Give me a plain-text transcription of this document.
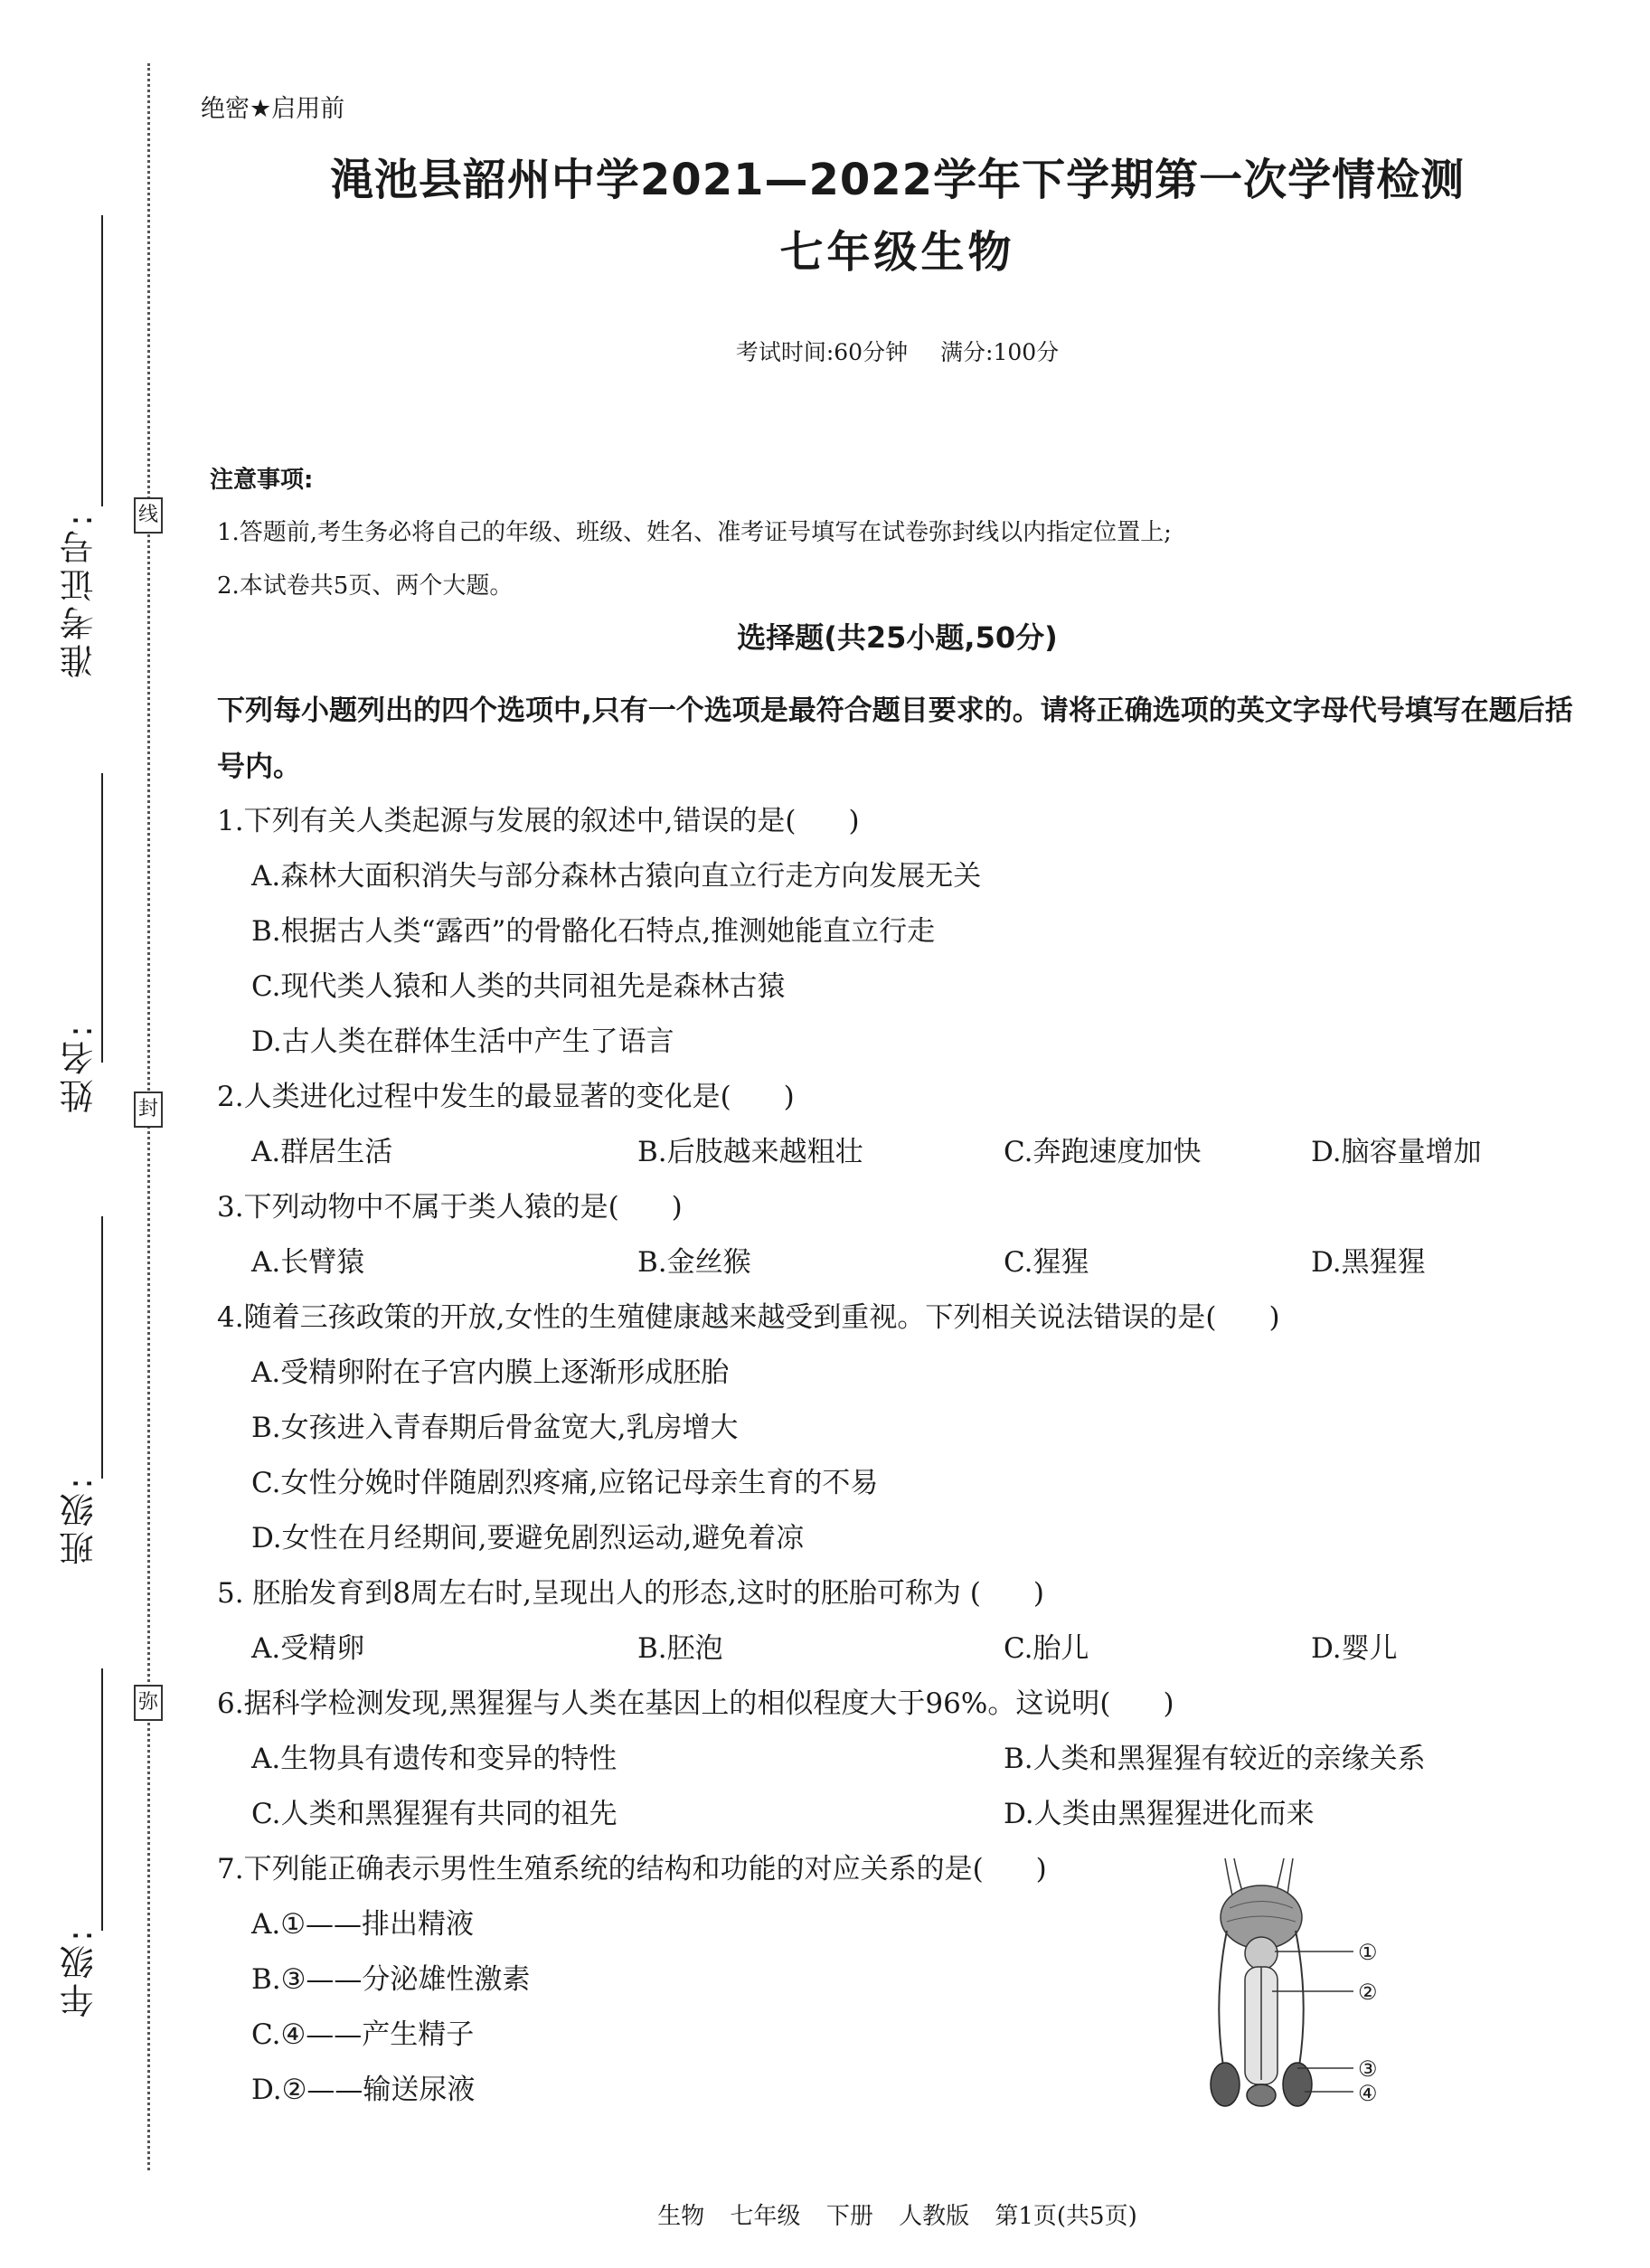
线
封
弥
准考证号:
姓名:
班级:
年级:
绝密★启用前
渑池县韶州中学2021—2022学年下学期第一次学情检测
七年级生物
考试时间:60分钟 满分:100分
注意事项:
1.答题前,考生务必将自己的年级、班级、姓名、准考证号填写在试卷弥封线以内指定位置上;
2.本试卷共5页、两个大题。
选择题(共25小题,50分)
下列每小题列出的四个选项中,只有一个选项是最符合题目要求的。请将正确选项的英文字母代号填写在题后括号内。
1.下列有关人类起源与发展的叙述中,错误的是( )
A.森林大面积消失与部分森林古猿向直立行走方向发展无关
B.根据古人类“露西”的骨骼化石特点,推测她能直立行走
C.现代类人猿和人类的共同祖先是森林古猿
D.古人类在群体生活中产生了语言
2.人类进化过程中发生的最显著的变化是( )
A.群居生活	B.后肢越来越粗壮	C.奔跑速度加快	D.脑容量增加
3.下列动物中不属于类人猿的是( )
A.长臂猿	B.金丝猴	C.猩猩	D.黑猩猩
4.随着三孩政策的开放,女性的生殖健康越来越受到重视。下列相关说法错误的是( )
A.受精卵附在子宫内膜上逐渐形成胚胎
B.女孩进入青春期后骨盆宽大,乳房增大
C.女性分娩时伴随剧烈疼痛,应铭记母亲生育的不易
D.女性在月经期间,要避免剧烈运动,避免着凉
5. 胚胎发育到8周左右时,呈现出人的形态,这时的胚胎可称为 ( )
A.受精卵	B.胚泡	C.胎儿	D.婴儿
6.据科学检测发现,黑猩猩与人类在基因上的相似程度大于96%。这说明( )
A.生物具有遗传和变异的特性	B.人类和黑猩猩有较近的亲缘关系
C.人类和黑猩猩有共同的祖先	D.人类由黑猩猩进化而来
7.下列能正确表示男性生殖系统的结构和功能的对应关系的是( )
A.①——排出精液
B.③——分泌雄性激素
C.④——产生精子
D.②——输送尿液
①
②
③
④
生物 七年级 下册 人教版 第1页(共5页)
